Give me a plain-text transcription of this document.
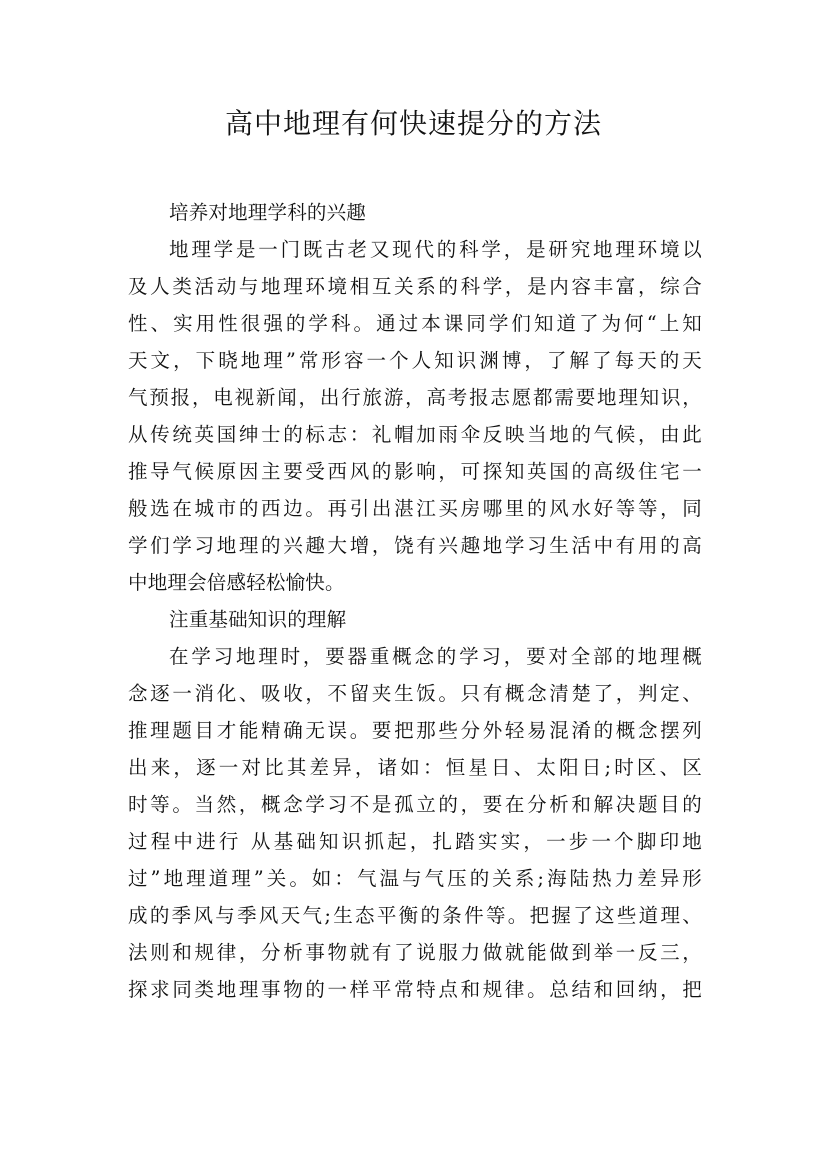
高中地理有何快速提分的方法
培养对地理学科的兴趣
地理学是一门既古老又现代的科学，是研究地理环境以
及人类活动与地理环境相互关系的科学，是内容丰富，综合
性、实用性很强的学科。通过本课同学们知道了为何“上知
天文，下晓地理”常形容一个人知识渊博，了解了每天的天
气预报，电视新闻，出行旅游，高考报志愿都需要地理知识，
从传统英国绅士的标志：礼帽加雨伞反映当地的气候，由此
推导气候原因主要受西风的影响，可探知英国的高级住宅一
般选在城市的西边。再引出湛江买房哪里的风水好等等，同
学们学习地理的兴趣大增，饶有兴趣地学习生活中有用的高
中地理会倍感轻松愉快。
注重基础知识的理解
在学习地理时，要器重概念的学习，要对全部的地理概
念逐一消化、吸收，不留夹生饭。只有概念清楚了，判定、
推理题目才能精确无误。要把那些分外轻易混淆的概念摆列
出来，逐一对比其差异，诸如：恒星日、太阳日;时区、区
时等。当然，概念学习不是孤立的，要在分析和解决题目的
过程中进行 从基础知识抓起，扎踏实实，一步一个脚印地
过”地理道理”关。如：气温与气压的关系;海陆热力差异形
成的季风与季风天气;生态平衡的条件等。把握了这些道理、
法则和规律，分析事物就有了说服力做就能做到举一反三，
探求同类地理事物的一样平常特点和规律。总结和回纳，把
